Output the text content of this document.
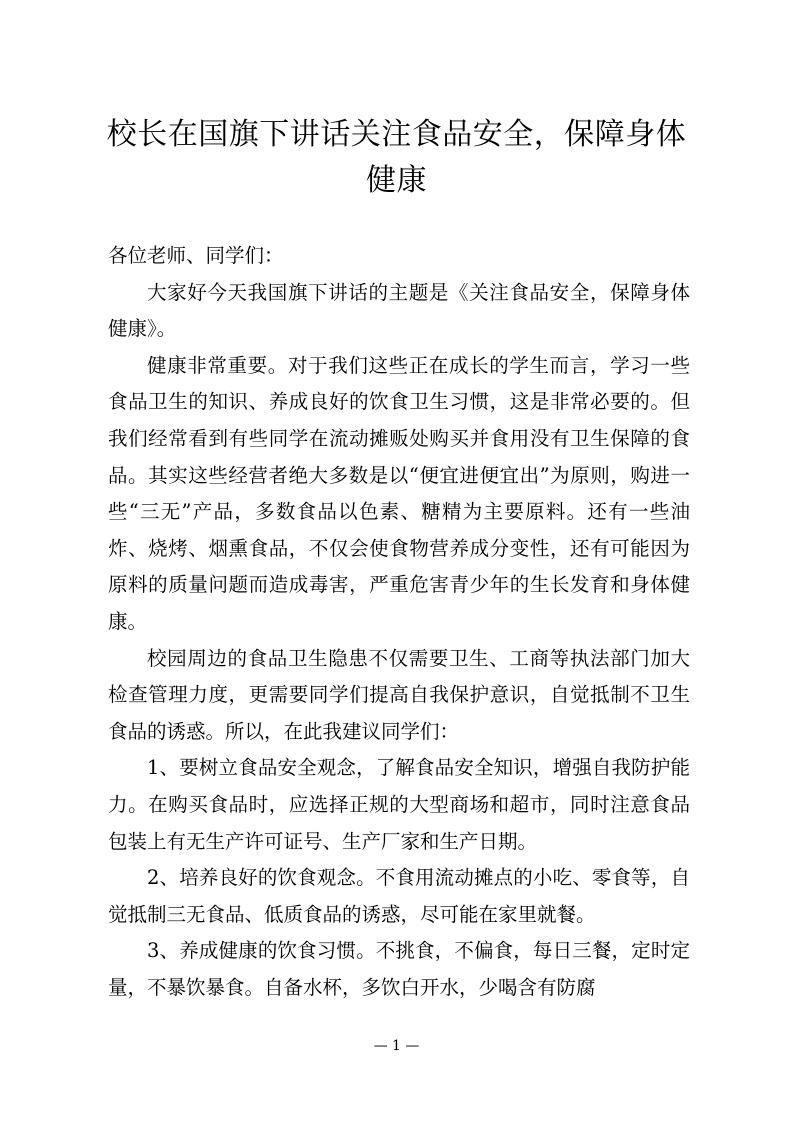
校长在国旗下讲话关注食品安全，保障身体健康

各位老师、同学们：

大家好今天我国旗下讲话的主题是《关注食品安全，保障身体健康》。

健康非常重要。对于我们这些正在成长的学生而言，学习一些食品卫生的知识、养成良好的饮食卫生习惯，这是非常必要的。但我们经常看到有些同学在流动摊贩处购买并食用没有卫生保障的食品。其实这些经营者绝大多数是以“便宜进便宜出”为原则，购进一些“三无”产品，多数食品以色素、糖精为主要原料。还有一些油炸、烧烤、烟熏食品，不仅会使食物营养成分变性，还有可能因为原料的质量问题而造成毒害，严重危害青少年的生长发育和身体健康。

校园周边的食品卫生隐患不仅需要卫生、工商等执法部门加大检查管理力度，更需要同学们提高自我保护意识，自觉抵制不卫生食品的诱惑。所以，在此我建议同学们：

1、要树立食品安全观念，了解食品安全知识，增强自我防护能力。在购买食品时，应选择正规的大型商场和超市，同时注意食品包装上有无生产许可证号、生产厂家和生产日期。

2、培养良好的饮食观念。不食用流动摊点的小吃、零食等，自觉抵制三无食品、低质食品的诱惑，尽可能在家里就餐。

3、养成健康的饮食习惯。不挑食，不偏食，每日三餐，定时定量，不暴饮暴食。自备水杯，多饮白开水，少喝含有防腐

— 1 —
